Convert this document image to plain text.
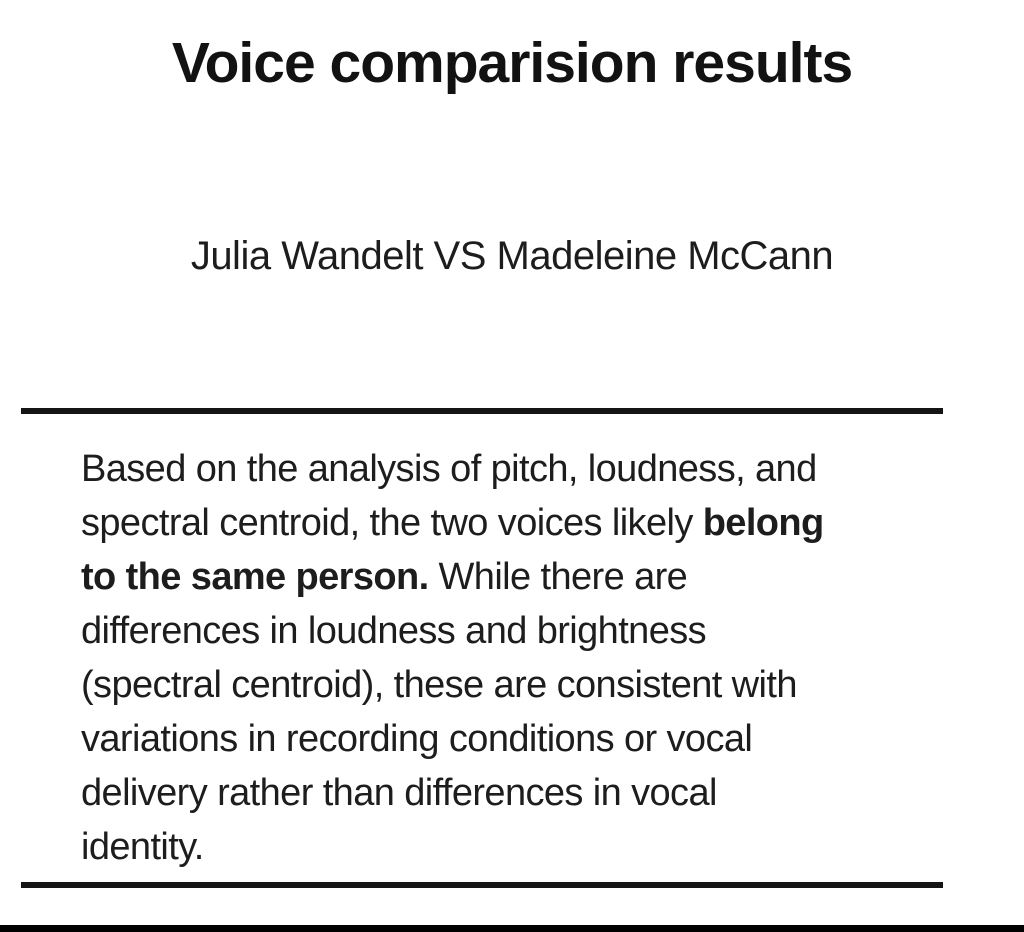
Voice comparision results
Julia Wandelt VS Madeleine McCann
Based on the analysis of pitch, loudness, and
spectral centroid, the two voices likely belong
to the same person. While there are
differences in loudness and brightness
(spectral centroid), these are consistent with
variations in recording conditions or vocal
delivery rather than differences in vocal
identity.
